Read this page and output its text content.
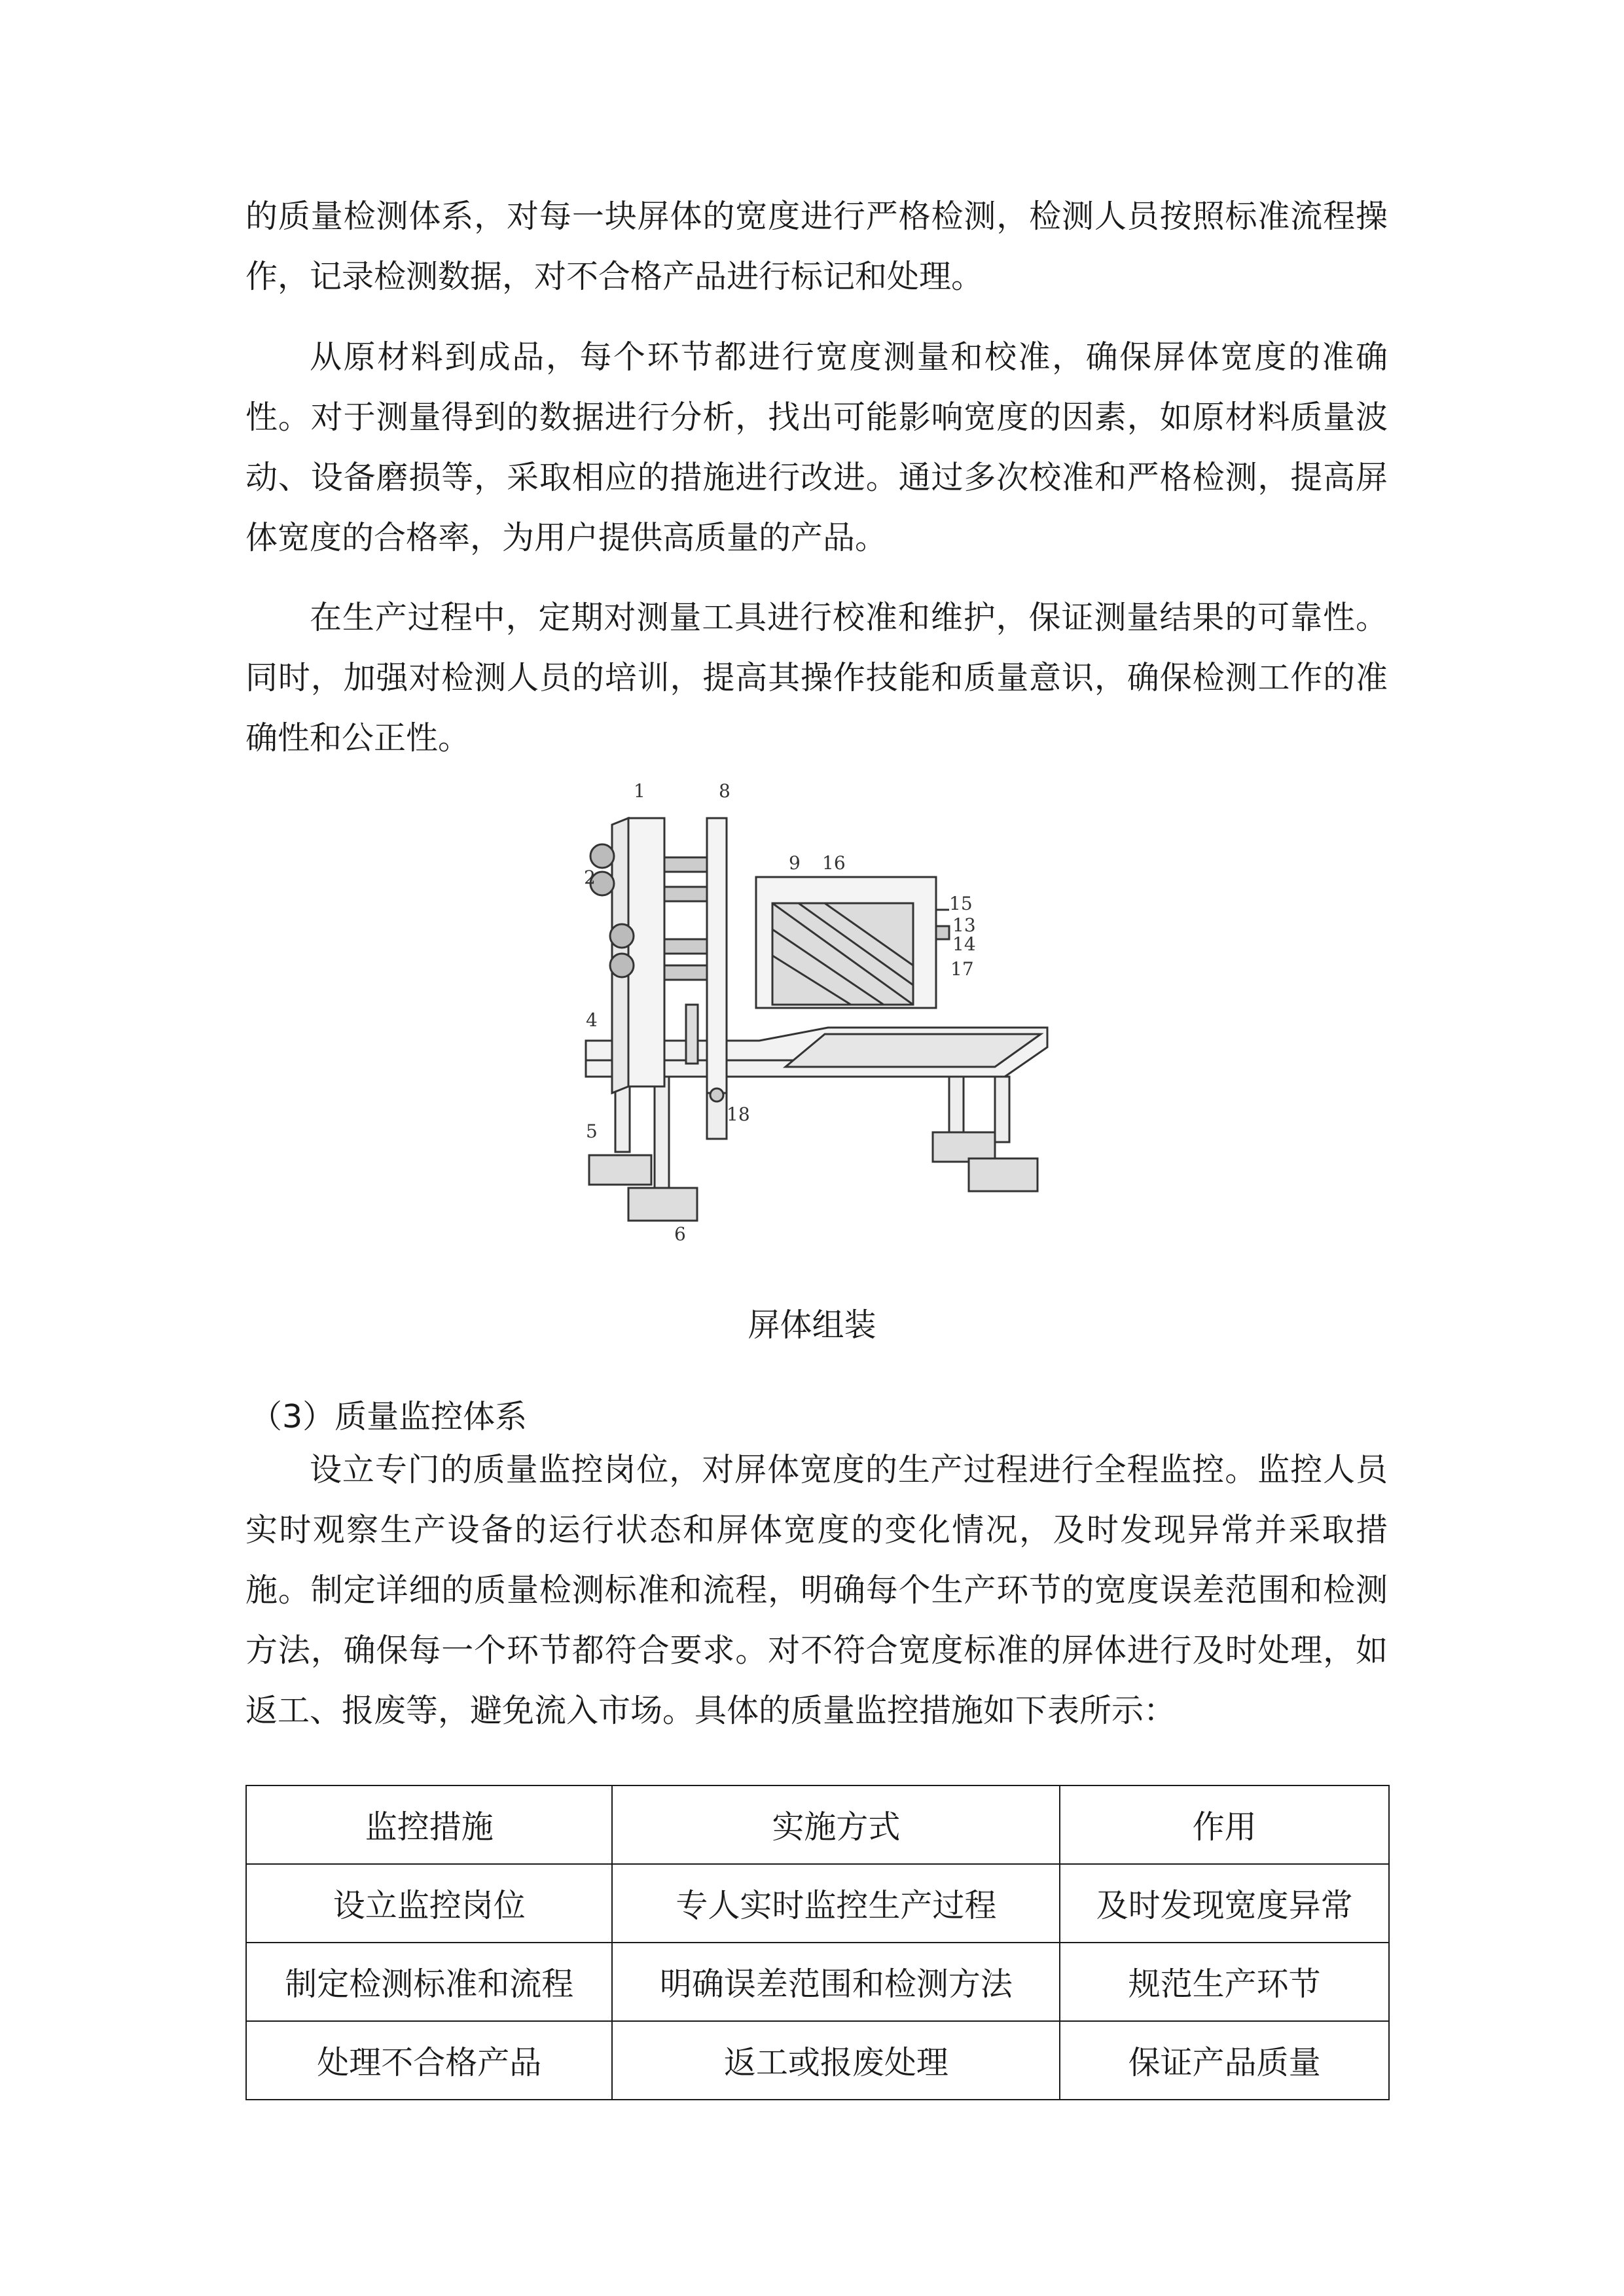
的质量检测体系，对每一块屏体的宽度进行严格检测，检测人员按照标准流程操作，记录检测数据，对不合格产品进行标记和处理。

从原材料到成品，每个环节都进行宽度测量和校准，确保屏体宽度的准确性。对于测量得到的数据进行分析，找出可能影响宽度的因素，如原材料质量波动、设备磨损等，采取相应的措施进行改进。通过多次校准和严格检测，提高屏体宽度的合格率，为用户提供高质量的产品。

在生产过程中，定期对测量工具进行校准和维护，保证测量结果的可靠性。同时，加强对检测人员的培训，提高其操作技能和质量意识，确保检测工作的准确性和公正性。

1
2
4
5
6
8
9
13
14
15
16
17
18
屏体组装

（3）质量监控体系

设立专门的质量监控岗位，对屏体宽度的生产过程进行全程监控。监控人员实时观察生产设备的运行状态和屏体宽度的变化情况，及时发现异常并采取措施。制定详细的质量检测标准和流程，明确每个生产环节的宽度误差范围和检测方法，确保每一个环节都符合要求。对不符合宽度标准的屏体进行及时处理，如返工、报废等，避免流入市场。具体的质量监控措施如下表所示：

监控措施	实施方式	作用
设立监控岗位	专人实时监控生产过程	及时发现宽度异常
制定检测标准和流程	明确误差范围和检测方法	规范生产环节
处理不合格产品	返工或报废处理	保证产品质量
